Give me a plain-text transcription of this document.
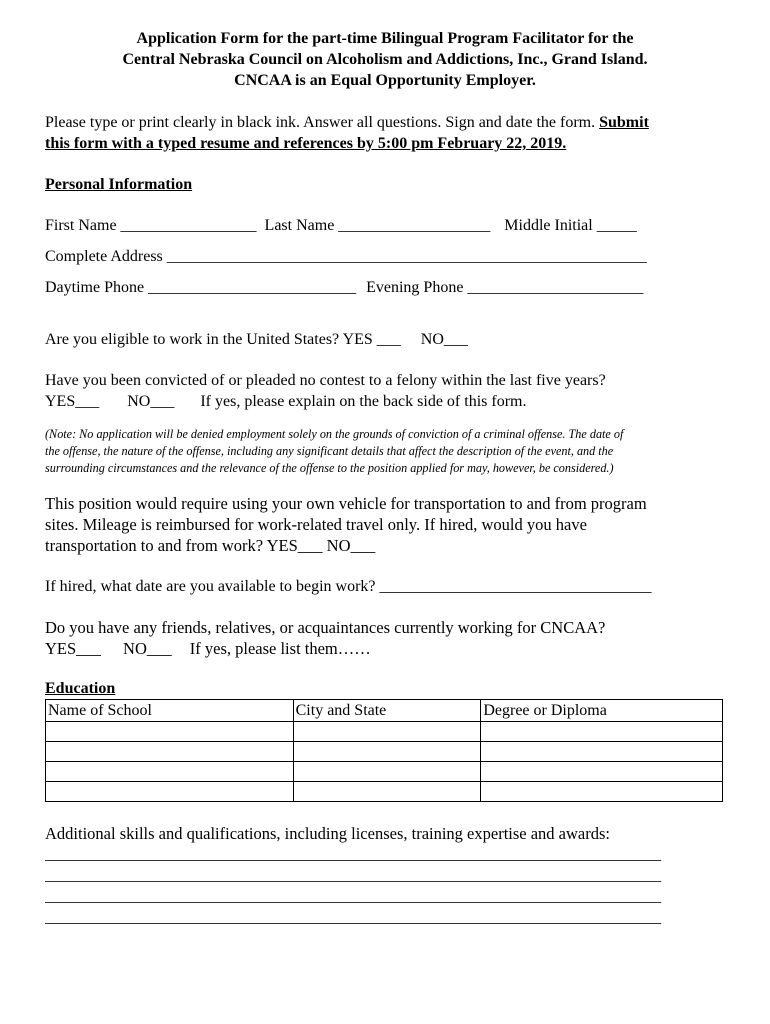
Application Form for the part-time Bilingual Program Facilitator for the
Central Nebraska Council on Alcoholism and Addictions, Inc., Grand Island.
CNCAA is an Equal Opportunity Employer.
Please type or print clearly in black ink. Answer all questions. Sign and date the form. Submit
this form with a typed resume and references by 5:00 pm February 22, 2019.
Personal Information
First Name _________________ Last Name ___________________ Middle Initial _____
Complete Address ____________________________________________________________
Daytime Phone __________________________ Evening Phone ______________________
Are you eligible to work in the United States? YES ___ NO___
Have you been convicted of or pleaded no contest to a felony within the last five years?
YES___ NO___ If yes, please explain on the back side of this form.
(Note: No application will be denied employment solely on the grounds of conviction of a criminal offense. The date of
the offense, the nature of the offense, including any significant details that affect the description of the event, and the
surrounding circumstances and the relevance of the offense to the position applied for may, however, be considered.)
This position would require using your own vehicle for transportation to and from program
sites. Mileage is reimbursed for work-related travel only. If hired, would you have
transportation to and from work? YES___ NO___
If hired, what date are you available to begin work? __________________________________
Do you have any friends, relatives, or acquaintances currently working for CNCAA?
YES___ NO___ If yes, please list them……
Education
Name of School	City and State	Degree or Diploma

Additional skills and qualifications, including licenses, training expertise and awards:
_____________________________________________________________________________
_____________________________________________________________________________
_____________________________________________________________________________
_____________________________________________________________________________
